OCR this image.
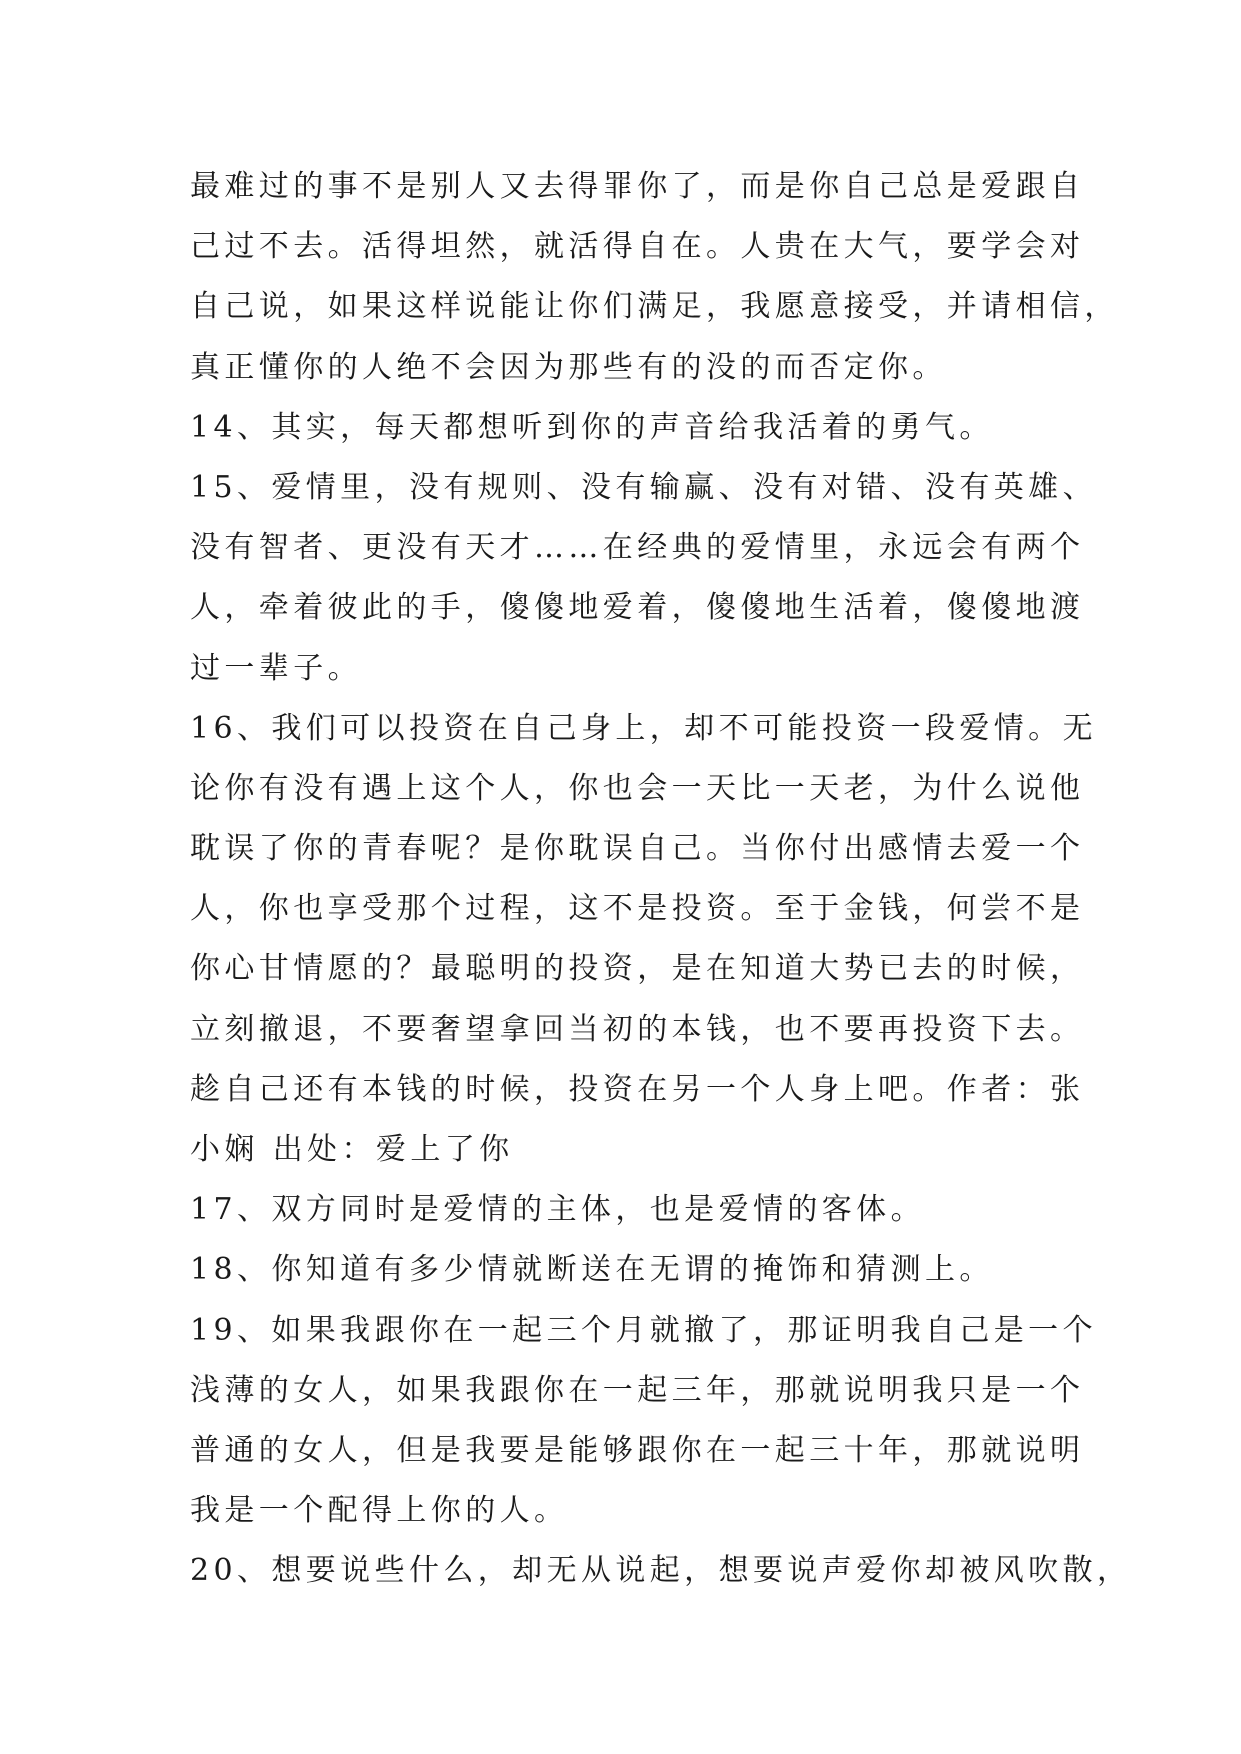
最难过的事不是别人又去得罪你了，而是你自己总是爱跟自
己过不去。活得坦然，就活得自在。人贵在大气，要学会对
自己说，如果这样说能让你们满足，我愿意接受，并请相信，
真正懂你的人绝不会因为那些有的没的而否定你。
14、其实，每天都想听到你的声音给我活着的勇气。
15、爱情里，没有规则、没有输赢、没有对错、没有英雄、
没有智者、更没有天才……在经典的爱情里，永远会有两个
人，牵着彼此的手，傻傻地爱着，傻傻地生活着，傻傻地渡
过一辈子。
16、我们可以投资在自己身上，却不可能投资一段爱情。无
论你有没有遇上这个人，你也会一天比一天老，为什么说他
耽误了你的青春呢？是你耽误自己。当你付出感情去爱一个
人，你也享受那个过程，这不是投资。至于金钱，何尝不是
你心甘情愿的？最聪明的投资，是在知道大势已去的时候，
立刻撤退，不要奢望拿回当初的本钱，也不要再投资下去。
趁自己还有本钱的时候，投资在另一个人身上吧。作者：张
小娴 出处：爱上了你
17、双方同时是爱情的主体，也是爱情的客体。
18、你知道有多少情就断送在无谓的掩饰和猜测上。
19、如果我跟你在一起三个月就撤了，那证明我自己是一个
浅薄的女人，如果我跟你在一起三年，那就说明我只是一个
普通的女人，但是我要是能够跟你在一起三十年，那就说明
我是一个配得上你的人。
20、想要说些什么，却无从说起，想要说声爱你却被风吹散，
